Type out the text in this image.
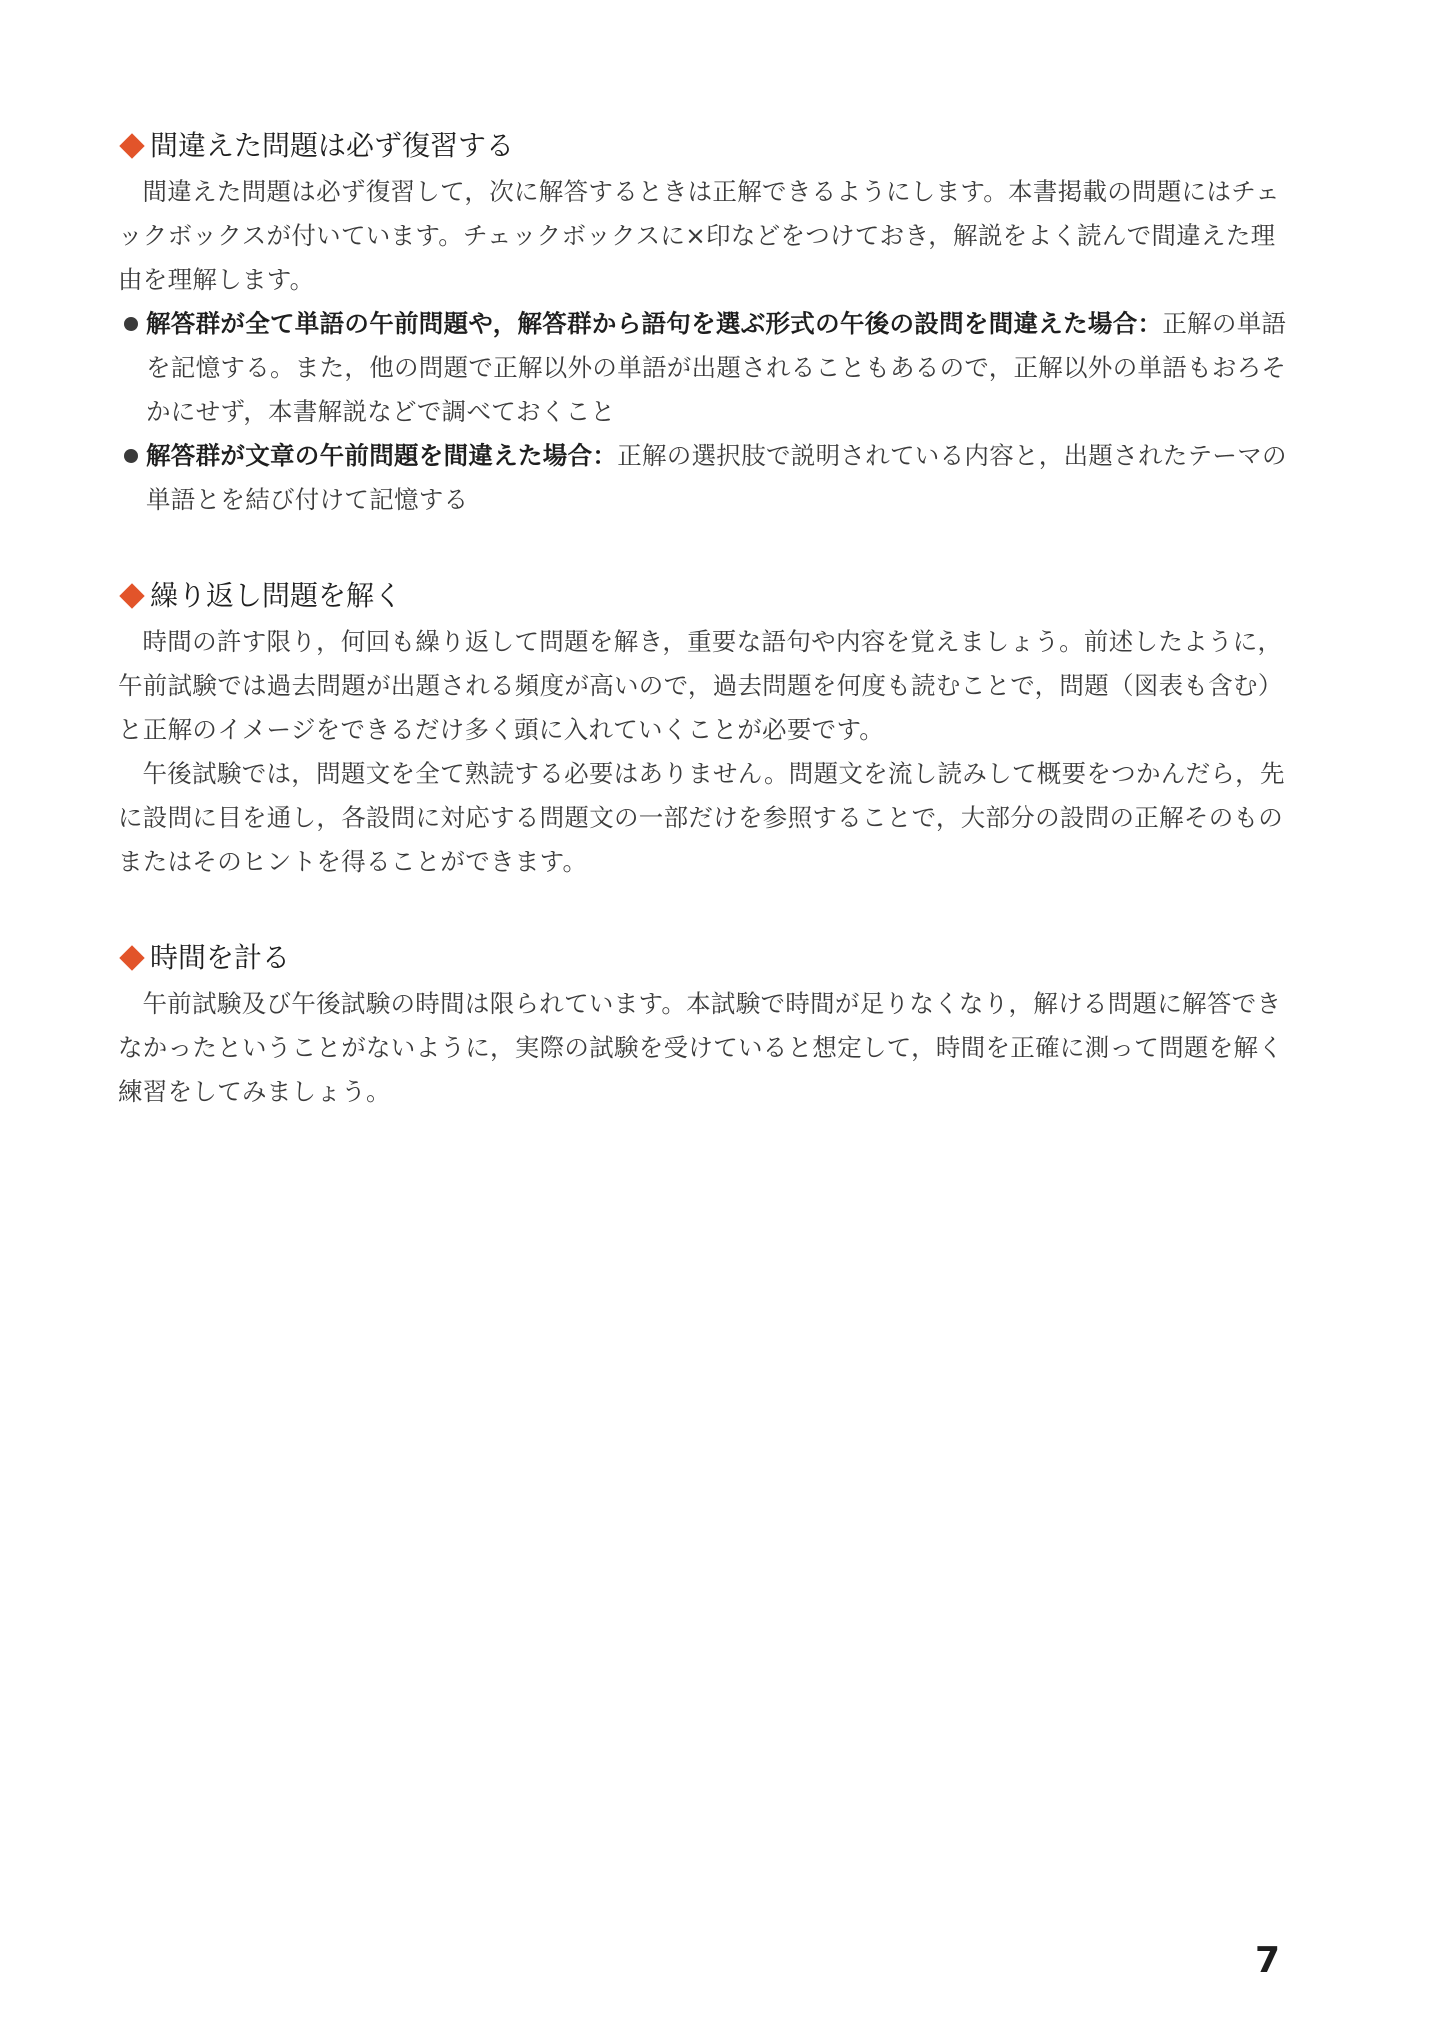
間違えた問題は必ず復習する

間違えた問題は必ず復習して，次に解答するときは正解できるようにします。本書掲載の問題にはチェックボックスが付いています。チェックボックスに×印などをつけておき，解説をよく読んで間違えた理由を理解します。

解答群が全て単語の午前問題や，解答群から語句を選ぶ形式の午後の設問を間違えた場合：正解の単語を記憶する。また，他の問題で正解以外の単語が出題されることもあるので，正解以外の単語もおろそかにせず，本書解説などで調べておくこと
解答群が文章の午前問題を間違えた場合：正解の選択肢で説明されている内容と，出題されたテーマの単語とを結び付けて記憶する
繰り返し問題を解く

時間の許す限り，何回も繰り返して問題を解き，重要な語句や内容を覚えましょう。前述したように，午前試験では過去問題が出題される頻度が高いので，過去問題を何度も読むことで，問題（図表も含む）と正解のイメージをできるだけ多く頭に入れていくことが必要です。

午後試験では，問題文を全て熟読する必要はありません。問題文を流し読みして概要をつかんだら，先に設問に目を通し，各設問に対応する問題文の一部だけを参照することで，大部分の設問の正解そのものまたはそのヒントを得ることができます。

時間を計る

午前試験及び午後試験の時間は限られています。本試験で時間が足りなくなり，解ける問題に解答できなかったということがないように，実際の試験を受けていると想定して，時間を正確に測って問題を解く練習をしてみましょう。

7
